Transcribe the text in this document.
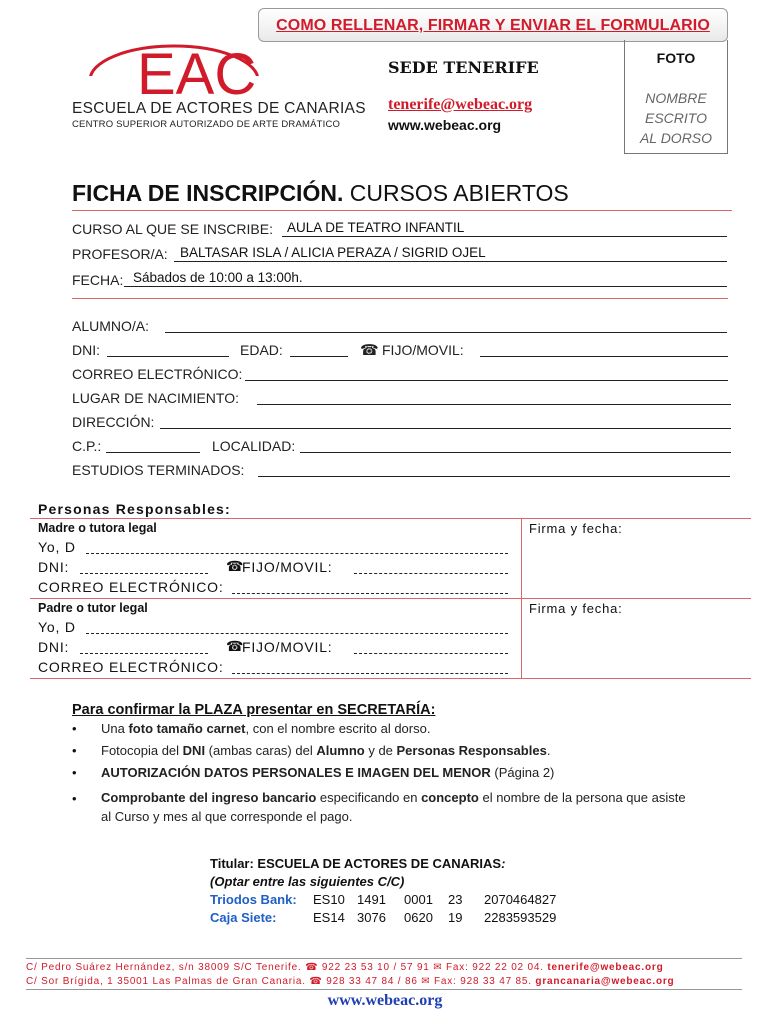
COMO RELLENAR, FIRMAR Y ENVIAR EL FORMULARIO
EAC
ESCUELA DE ACTORES DE CANARIAS
CENTRO SUPERIOR AUTORIZADO DE ARTE DRAMÁTICO
SEDE TENERIFE
tenerife@webeac.org
www.webeac.org
FOTO
NOMBRE
ESCRITO
AL DORSO
FICHA DE INSCRIPCIÓN. CURSOS ABIERTOS
CURSO AL QUE SE INSCRIBE: AULA DE TEATRO INFANTIL
PROFESOR/A: BALTASAR ISLA / ALICIA PERAZA / SIGRID OJEL
FECHA: Sábados de 10:00 a 13:00h.
ALUMNO/A:
DNI:	EDAD:	☎ FIJO/MOVIL:
CORREO ELECTRÓNICO:
LUGAR DE NACIMIENTO:
DIRECCIÓN:
C.P.:	LOCALIDAD:
ESTUDIOS TERMINADOS:
Personas Responsables:
Madre o tutora legal	Firma y fecha:
Yo, D
DNI:	☎
FIJO/MOVIL:
CORREO ELECTRÓNICO:
Padre o tutor legal	Firma y fecha:
Yo, D
DNI:	☎
FIJO/MOVIL:
CORREO ELECTRÓNICO:
Para confirmar la PLAZA presentar en SECRETARÍA:
• Una foto tamaño carnet, con el nombre escrito al dorso.
• Fotocopia del DNI (ambas caras) del Alumno y de Personas Responsables.
• AUTORIZACIÓN DATOS PERSONALES E IMAGEN DEL MENOR (Página 2)
• Comprobante del ingreso bancario especificando en concepto el nombre de la persona que asiste
al Curso y mes al que corresponde el pago.
Titular: ESCUELA DE ACTORES DE CANARIAS:
(Optar entre las siguientes C/C)
Triodos Bank: ES10 1491 0001 23 2070464827
Caja Siete:	ES14 3076 0620 19 2283593529
C/ Pedro Suárez Hernández, s/n 38009 S/C Tenerife. ☎ 922 23 53 10 / 57 91 ✉ Fax: 922 22 02 04. tenerife@webeac.org
C/ Sor Brígida, 1 35001 Las Palmas de Gran Canaria. ☎ 928 33 47 84 / 86 ✉ Fax: 928 33 47 85. grancanaria@webeac.org
www.webeac.org
